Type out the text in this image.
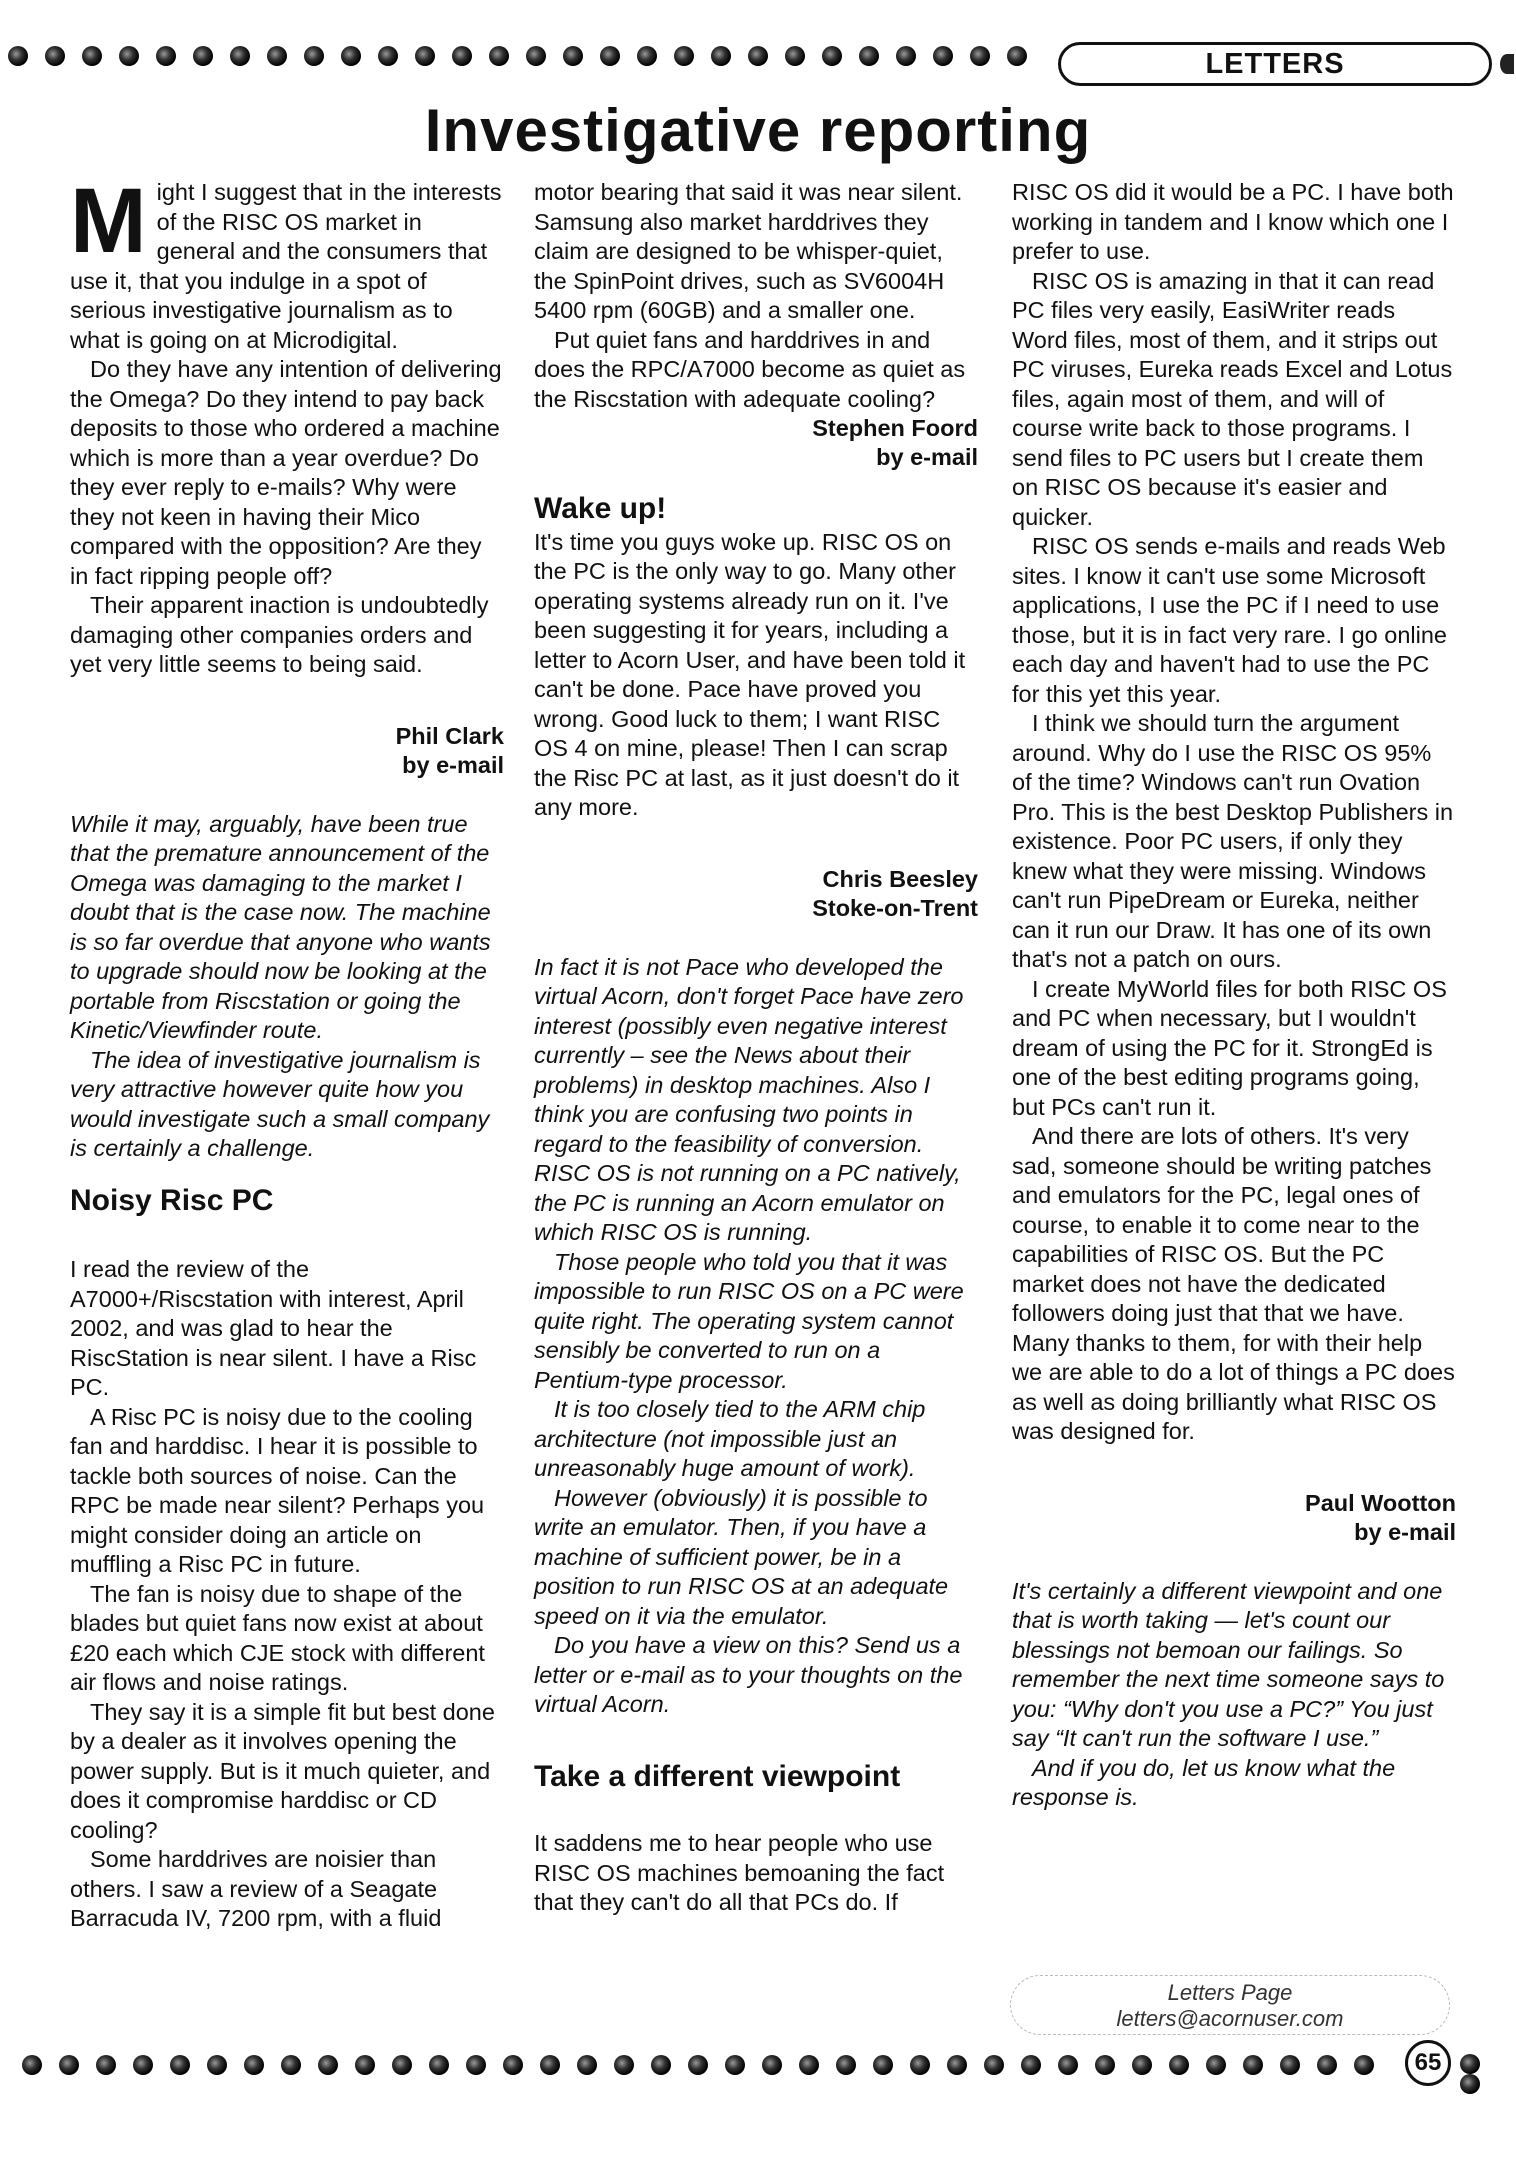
LETTERS
Investigative reporting

Might I suggest that in the interests of the RISC OS market in general and the consumers that use it, that you indulge in a spot of serious investigative journalism as to what is going on at Microdigital.

Do they have any intention of delivering the Omega? Do they intend to pay back deposits to those who ordered a machine which is more than a year overdue? Do they ever reply to e-mails? Why were they not keen in having their Mico compared with the opposition? Are they in fact ripping people off?

Their apparent inaction is undoubtedly damaging other companies orders and yet very little seems to being said.

Phil Clark
by e-mail

While it may, arguably, have been true that the premature announcement of the Omega was damaging to the market I doubt that is the case now. The machine is so far overdue that anyone who wants to upgrade should now be looking at the portable from Riscstation or going the Kinetic/Viewfinder route.

The idea of investigative journalism is very attractive however quite how you would investigate such a small company is certainly a challenge.

Noisy Risc PC

I read the review of the A7000+/Riscstation with interest, April 2002, and was glad to hear the RiscStation is near silent. I have a Risc PC.

A Risc PC is noisy due to the cooling fan and harddisc. I hear it is possible to tackle both sources of noise. Can the RPC be made near silent? Perhaps you might consider doing an article on muffling a Risc PC in future.

The fan is noisy due to shape of the blades but quiet fans now exist at about £20 each which CJE stock with different air flows and noise ratings.

They say it is a simple fit but best done by a dealer as it involves opening the power supply. But is it much quieter, and does it compromise harddisc or CD cooling?

Some harddrives are noisier than others. I saw a review of a Seagate Barracuda IV, 7200 rpm, with a fluid

motor bearing that said it was near silent. Samsung also market harddrives they claim are designed to be whisper-quiet, the SpinPoint drives, such as SV6004H 5400 rpm (60GB) and a smaller one.

Put quiet fans and harddrives in and does the RPC/A7000 become as quiet as the Riscstation with adequate cooling?

Stephen Foord
by e-mail
Wake up!

It's time you guys woke up. RISC OS on the PC is the only way to go. Many other operating systems already run on it. I've been suggesting it for years, including a letter to Acorn User, and have been told it can't be done. Pace have proved you wrong. Good luck to them; I want RISC OS 4 on mine, please! Then I can scrap the Risc PC at last, as it just doesn't do it any more.

Chris Beesley
Stoke-on-Trent

In fact it is not Pace who developed the virtual Acorn, don't forget Pace have zero interest (possibly even negative interest currently – see the News about their problems) in desktop machines. Also I think you are confusing two points in regard to the feasibility of conversion. RISC OS is not running on a PC natively, the PC is running an Acorn emulator on which RISC OS is running.

Those people who told you that it was impossible to run RISC OS on a PC were quite right. The operating system cannot sensibly be converted to run on a Pentium-type processor.

It is too closely tied to the ARM chip architecture (not impossible just an unreasonably huge amount of work).

However (obviously) it is possible to write an emulator. Then, if you have a machine of sufficient power, be in a position to run RISC OS at an adequate speed on it via the emulator.

Do you have a view on this? Send us a letter or e-mail as to your thoughts on the virtual Acorn.

Take a different viewpoint

It saddens me to hear people who use RISC OS machines bemoaning the fact that they can't do all that PCs do. If

RISC OS did it would be a PC. I have both working in tandem and I know which one I prefer to use.

RISC OS is amazing in that it can read PC files very easily, EasiWriter reads Word files, most of them, and it strips out PC viruses, Eureka reads Excel and Lotus files, again most of them, and will of course write back to those programs. I send files to PC users but I create them on RISC OS because it's easier and quicker.

RISC OS sends e-mails and reads Web sites. I know it can't use some Microsoft applications, I use the PC if I need to use those, but it is in fact very rare. I go online each day and haven't had to use the PC for this yet this year.

I think we should turn the argument around. Why do I use the RISC OS 95% of the time? Windows can't run Ovation Pro. This is the best Desktop Publishers in existence. Poor PC users, if only they knew what they were missing. Windows can't run PipeDream or Eureka, neither can it run our Draw. It has one of its own that's not a patch on ours.

I create MyWorld files for both RISC OS and PC when necessary, but I wouldn't dream of using the PC for it. StrongEd is one of the best editing programs going, but PCs can't run it.

And there are lots of others. It's very sad, someone should be writing patches and emulators for the PC, legal ones of course, to enable it to come near to the capabilities of RISC OS. But the PC market does not have the dedicated followers doing just that that we have. Many thanks to them, for with their help we are able to do a lot of things a PC does as well as doing brilliantly what RISC OS was designed for.

Paul Wootton
by e-mail

It's certainly a different viewpoint and one that is worth taking — let's count our blessings not bemoan our failings. So remember the next time someone says to you: “Why don't you use a PC?” You just say “It can't run the software I use.”

And if you do, let us know what the response is.

Letters Page
letters@acornuser.com
65
